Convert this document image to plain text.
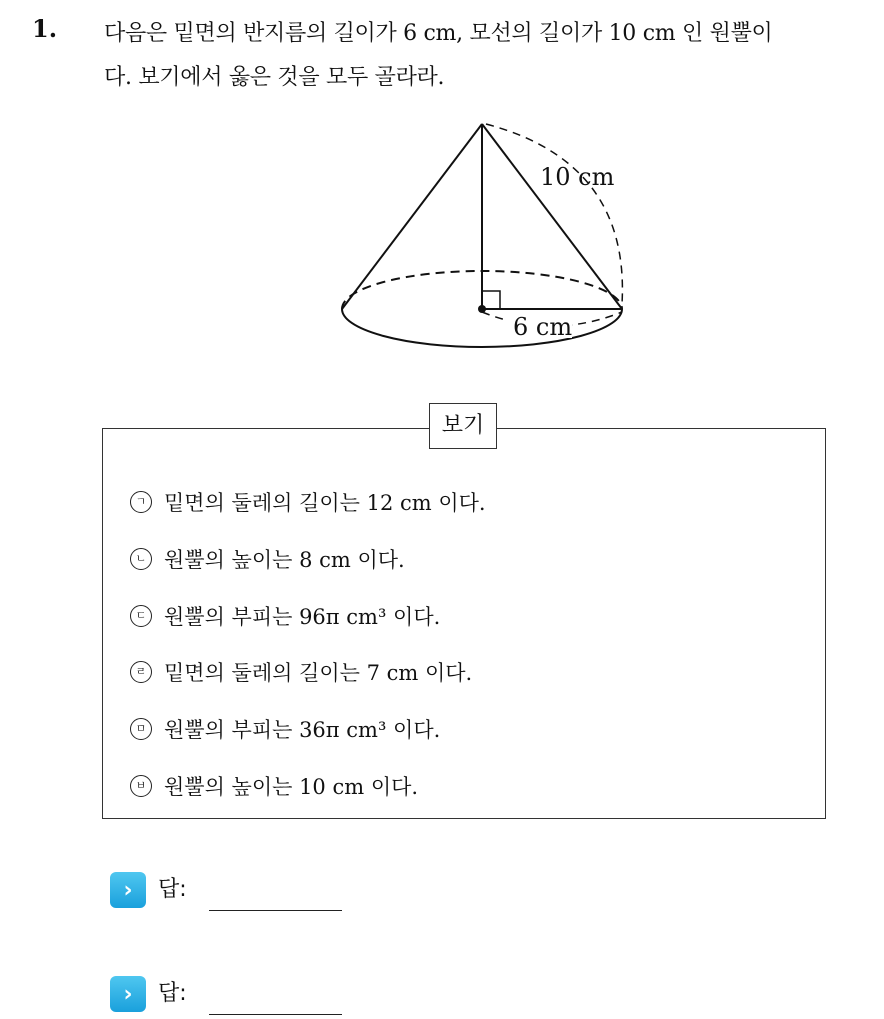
1. 다음은 밑면의 반지름의 길이가 6 cm, 모선의 길이가 10 cm 인 원뿔이
다. 보기에서 옳은 것을 모두 골라라.
10 cm
6 cm
보기
ㄱ 밑면의 둘레의 길이는 12 cm 이다.
ㄴ 원뿔의 높이는 8 cm 이다.
ㄷ 원뿔의 부피는 96π cm³ 이다.
ㄹ 밑면의 둘레의 길이는 7 cm 이다.
ㅁ 원뿔의 부피는 36π cm³ 이다.
ㅂ 원뿔의 높이는 10 cm 이다.
›	답:
›	답:
